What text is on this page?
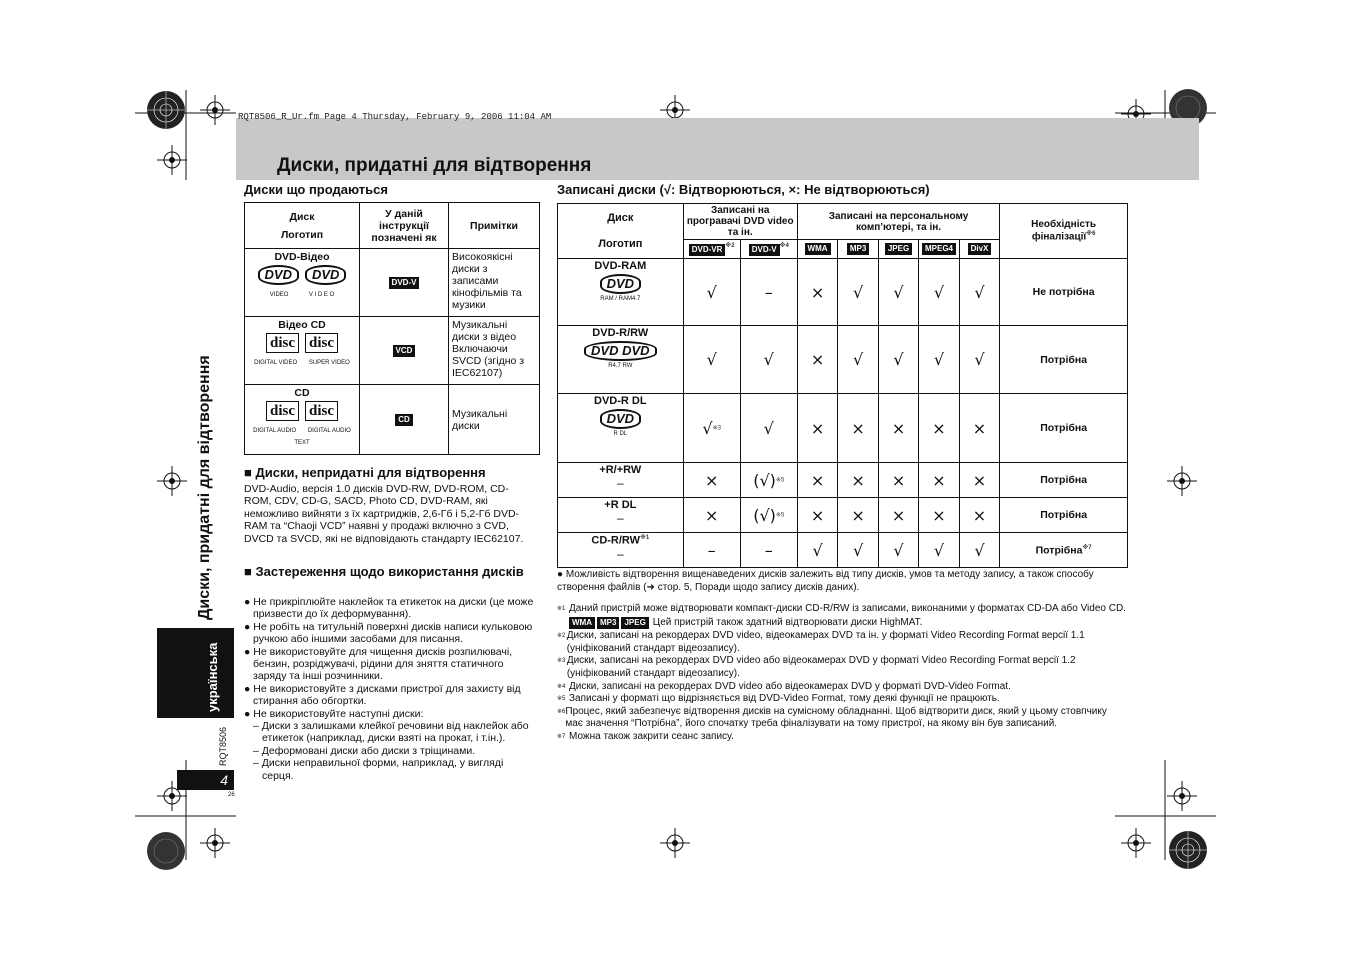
RQT8506_R_Ur.fm Page 4 Thursday, February 9, 2006 11:04 AM
Диски, придатні для відтворення
Диски, придатні для відтворення
українська
RQT8506
4
26
Диски що продаються
Диск
Логотип	У даній інструкції позначені як	Примітки
DVD-Відео
DVD DVD
VIDEO V I D E O	DVD-V	Високоякісні диски з записами кінофільмів та музики
Відео CD
disc disc
DIGITAL VIDEO SUPER VIDEO	VCD	Музикальні диски з відео Включаючи SVCD (згідно з IEC62107)
CD
disc disc
DIGITAL AUDIO DIGITAL AUDIO TEXT	CD	Музикальні диски
■ Диски, непридатні для відтворення
DVD-Audio, версія 1.0 дисків DVD-RW, DVD-ROM, CD-ROM, CDV, CD-G, SACD, Photo CD, DVD-RAM, які неможливо вийняти з їх картриджів, 2,6-Гб і 5,2-Гб DVD-RAM та “Chaoji VCD” наявні у продажі включно з CVD, DVCD та SVCD, які не відповідають стандарту IEC62107.
■ Застереження щодо використання дисків
● Не прикріплюйте наклейок та етикеток на диски (це може призвести до їх деформування).
● Не робіть на титульній поверхні дисків написи кульковою ручкою або іншими засобами для писання.
● Не використовуйте для чищення дисків розпилювачі, бензин, розріджувачі, рідини для зняття статичного заряду та інші розчинники.
● Не використовуйте з дисками пристрої для захисту від стирання або обгортки.
● Не використовуйте наступні диски:
– Диски з залишками клейкої речовини від наклейок або етикеток (наприклад, диски взяті на прокат, і т.ін.).
– Деформовані диски або диски з тріщинами.
– Диски неправильної форми, наприклад, у вигляді серця.
Записані диски (√: Відтворюються, ×: Не відтворюються)
Диск
Логотип	Записані на програвачі DVD video та ін.		Записані на персональному комп’ютері, та ін.					Необхідність фіналізації$^{※6}$
	DVD-VR $^{※2}$	DVD-V $^{※4}$	WMA	MP3	JPEG	MPEG4	DivX	

DVD-RAM
DVD
RAM / RAM4.7	√	–	×	√	√	√	√	Не потрібна

DVD-R/RW
DVD DVD
R4.7 RW	√	√	×	√	√	√	√	Потрібна

DVD-R DL
DVD
R DL	√$^{※3}$	√	×	×	×	×	×	Потрібна

+R/+RW
–	×	(√)$^{※5}$	×	×	×	×	×	Потрібна

+R DL
–	×	(√)$^{※5}$	×	×	×	×	×	Потрібна

CD-R/RW$^{※1}$
–	–	–	√	√	√	√	√	Потрібна$^{※7}$
● Можливість відтворення вищенаведених дисків залежить від типу дисків, умов та методу запису, а також способу створення файлів (➜ стор. 5, Поради щодо запису дисків даних).
※1 Даний пристрій може відтворювати компакт-диски CD-R/RW із записами, виконаними у форматах CD-DA або Video CD.
WMA MP3 JPEG Цей пристрій також здатний відтворювати диски HighMAT.
※2 Диски, записані на рекордерах DVD video, відеокамерах DVD та ін. у форматі Video Recording Format версії 1.1 (уніфікований стандарт відеозапису).
※3 Диски, записані на рекордерах DVD video або відеокамерах DVD у форматі Video Recording Format версії 1.2 (уніфікований стандарт відеозапису).
※4 Диски, записані на рекордерах DVD video або відеокамерах DVD у форматі DVD-Video Format.
※5 Записані у форматі що відрізняється від DVD-Video Format, тому деякі функції не працюють.
※6 Процес, який забезпечує відтворення дисків на сумісному обладнанні. Щоб відтворити диск, який у цьому стовпчику має значення “Потрібна”, його спочатку треба фіналізувати на тому пристрої, на якому він був записаний.
※7 Можна також закрити сеанс запису.
